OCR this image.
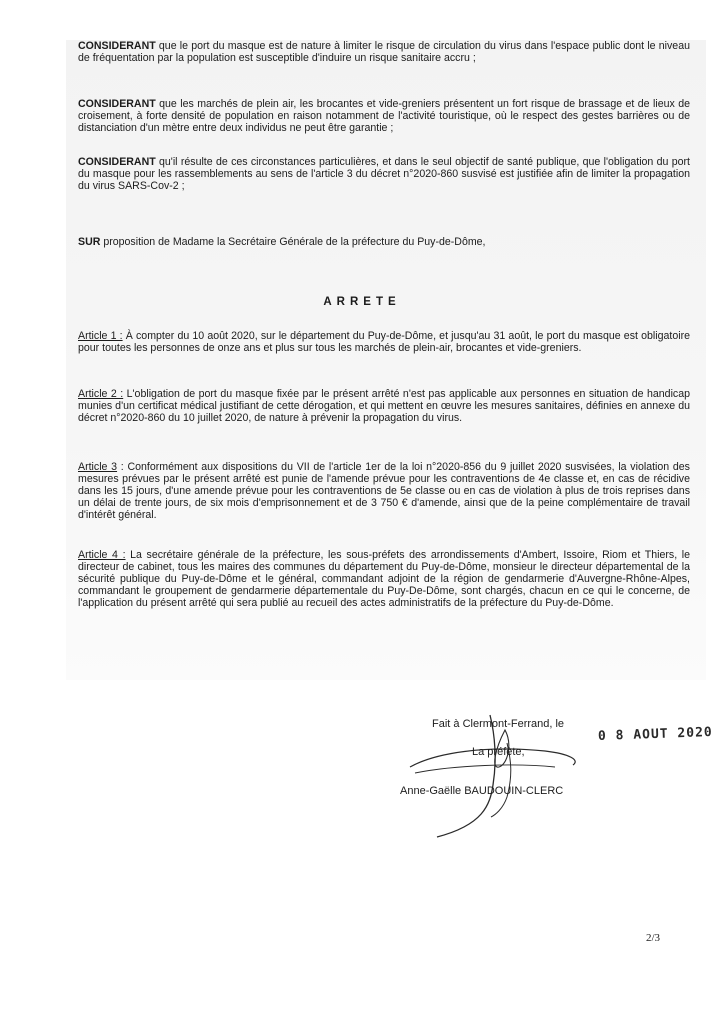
CONSIDERANT que le port du masque est de nature à limiter le risque de circulation du virus dans l'espace public dont le niveau de fréquentation par la population est susceptible d'induire un risque sanitaire accru ;

CONSIDERANT que les marchés de plein air, les brocantes et vide-greniers présentent un fort risque de brassage et de lieux de croisement, à forte densité de population en raison notamment de l'activité touristique, où le respect des gestes barrières ou de distanciation d'un mètre entre deux individus ne peut être garantie ;

CONSIDERANT qu'il résulte de ces circonstances particulières, et dans le seul objectif de santé publique, que l'obligation du port du masque pour les rassemblements au sens de l'article 3 du décret n°2020-860 susvisé est justifiée afin de limiter la propagation du virus SARS-Cov-2 ;

SUR proposition de Madame la Secrétaire Générale de la préfecture du Puy-de-Dôme,

ARRETE

Article 1 : À compter du 10 août 2020, sur le département du Puy-de-Dôme, et jusqu'au 31 août, le port du masque est obligatoire pour toutes les personnes de onze ans et plus sur tous les marchés de plein-air, brocantes et vide-greniers.

Article 2 : L'obligation de port du masque fixée par le présent arrêté n'est pas applicable aux personnes en situation de handicap munies d'un certificat médical justifiant de cette dérogation, et qui mettent en œuvre les mesures sanitaires, définies en annexe du décret n°2020-860 du 10 juillet 2020, de nature à prévenir la propagation du virus.

Article 3 : Conformément aux dispositions du VII de l'article 1er de la loi n°2020-856 du 9 juillet 2020 susvisées, la violation des mesures prévues par le présent arrêté est punie de l'amende prévue pour les contraventions de 4e classe et, en cas de récidive dans les 15 jours, d'une amende prévue pour les contraventions de 5e classe ou en cas de violation à plus de trois reprises dans un délai de trente jours, de six mois d'emprisonnement et de 3 750 € d'amende, ainsi que de la peine complémentaire de travail d'intérêt général.

Article 4 : La secrétaire générale de la préfecture, les sous-préfets des arrondissements d'Ambert, Issoire, Riom et Thiers, le directeur de cabinet, tous les maires des communes du département du Puy-de-Dôme, monsieur le directeur départemental de la sécurité publique du Puy-de-Dôme et le général, commandant adjoint de la région de gendarmerie d'Auvergne-Rhône-Alpes, commandant le groupement de gendarmerie départementale du Puy-De-Dôme, sont chargés, chacun en ce qui le concerne, de l'application du présent arrêté qui sera publié au recueil des actes administratifs de la préfecture du Puy-de-Dôme.

Fait à Clermont-Ferrand, le
0 8 AOUT 2020
La préfète,
Anne-Gaëlle BAUDOUIN-CLERC
2/3
